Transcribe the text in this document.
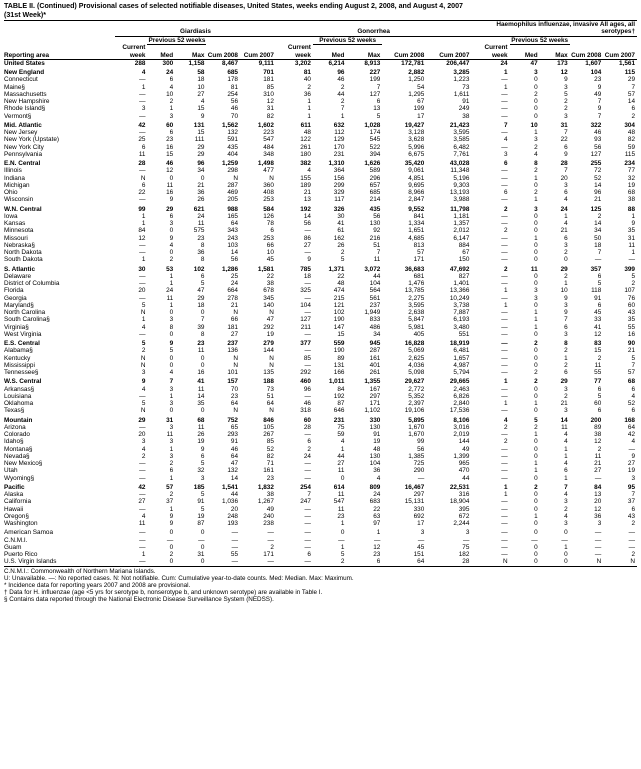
TABLE II. (Continued) Provisional cases of selected notifiable diseases, United States, weeks ending August 2, 2008, and August 4, 2007
(31st Week)*
	Giardiasis					Gonorrhea					Haemophilus influenzae, invasive All ages, all serotypes†				
		Previous 52 weeks					Previous 52 weeks					Previous 52 weeks			
Reporting area	Current week	Med	Max	Cum 2008	Cum 2007	Current week	Med	Max	Cum 2008	Cum 2007	Current week	Med	Max	Cum 2008	Cum 2007
United States	288	300	1,158	8,467	9,111	3,202	6,214	8,913	172,781	206,447	24	47	173	1,607	1,561
New England	4	24	58	685	701	81	96	227	2,882	3,285	1	3	12	104	115
Connecticut	—	6	18	178	181	40	46	199	1,250	1,223	—	0	9	23	29
Maine§	1	4	10	81	85	2	2	7	54	73	1	0	3	9	7
Massachusetts	—	10	27	254	310	36	44	127	1,295	1,611	—	2	5	49	57
New Hampshire	—	2	4	56	12	1	2	6	67	91	—	0	2	7	14
Rhode Island§	3	1	15	46	31	1	7	13	199	249	—	0	2	9	6
Vermont§	—	3	9	70	82	1	1	5	17	38	—	0	3	7	2
Mid. Atlantic	42	60	131	1,562	1,602	611	632	1,028	19,427	21,423	7	10	31	322	304
New Jersey	—	6	15	132	223	48	112	174	3,128	3,595	—	1	7	46	48
New York (Upstate)	25	23	111	591	547	122	129	545	3,628	3,585	4	3	22	93	82
New York City	6	16	29	435	484	261	170	522	5,996	6,482	—	2	6	56	59
Pennsylvania	11	15	29	404	348	180	231	394	6,675	7,761	3	4	9	127	115
E.N. Central	28	46	96	1,259	1,498	382	1,310	1,626	35,420	43,028	6	8	28	255	234
Illinois	—	12	34	298	477	4	364	589	9,061	11,348	—	2	7	72	77
Indiana	N	0	0	N	N	155	156	296	4,851	5,196	—	1	20	52	32
Michigan	6	11	21	287	360	189	299	657	9,695	9,303	—	0	3	14	19
Ohio	22	16	36	469	408	21	329	685	8,966	13,193	6	2	6	96	68
Wisconsin	—	9	26	205	253	13	117	214	2,847	3,988	—	1	4	21	38
W.N. Central	99	29	621	988	584	192	326	435	9,552	11,798	2	3	24	125	88
Iowa	1	6	24	165	126	14	30	56	841	1,181	—	0	1	2	1
Kansas	1	3	11	64	78	56	41	130	1,334	1,357	—	0	4	14	9
Minnesota	84	0	575	343	6	—	61	92	1,651	2,012	2	0	21	34	35
Missouri	12	9	23	243	253	86	162	216	4,685	6,147	—	1	6	50	31
Nebraska§	—	4	8	103	66	27	26	51	813	884	—	0	3	18	11
North Dakota	—	0	36	14	10	—	2	7	57	67	—	0	2	7	1
South Dakota	1	2	8	56	45	9	5	11	171	150	—	0	0	—	—
S. Atlantic	30	53	102	1,286	1,581	785	1,371	3,072	36,683	47,692	2	11	29	357	399
Delaware	—	1	6	25	22	18	22	44	681	827	—	0	2	6	5
District of Columbia	—	1	5	24	38	—	48	104	1,476	1,401	—	0	1	5	2
Florida	20	24	47	664	678	325	474	564	13,785	13,366	1	3	10	118	107
Georgia	—	11	29	278	345	—	215	561	2,275	10,249	—	3	9	91	76
Maryland§	5	1	18	21	140	104	121	237	3,595	3,738	1	0	3	6	60
North Carolina	N	0	0	N	N	—	102	1,949	2,638	7,887	—	1	9	45	43
South Carolina§	1	3	7	66	47	127	190	833	5,847	6,193	—	1	7	33	35
Virginia§	4	8	39	181	292	211	147	486	5,981	3,480	—	1	6	41	55
West Virginia	—	0	8	27	19	—	15	34	405	551	—	0	3	12	16
E.S. Central	5	9	23	237	279	377	559	945	16,828	18,919	—	2	8	83	90
Alabama§	2	5	11	136	144	—	190	287	5,069	6,481	—	0	2	15	21
Kentucky	N	0	0	N	N	85	89	161	2,625	1,657	—	0	1	2	5
Mississippi	N	0	0	N	N	—	131	401	4,036	4,987	—	0	2	11	7
Tennessee§	3	4	16	101	135	292	166	261	5,098	5,794	—	2	6	55	57
W.S. Central	9	7	41	157	188	460	1,011	1,355	29,627	29,665	1	2	29	77	68
Arkansas§	4	3	11	70	73	96	84	167	2,772	2,463	—	0	3	6	6
Louisiana	—	1	14	23	51	—	192	297	5,352	6,826	—	0	2	5	4
Oklahoma	5	3	35	64	64	46	87	171	2,397	2,840	1	1	21	60	52
Texas§	N	0	0	N	N	318	646	1,102	19,106	17,536	—	0	3	6	6
Mountain	29	31	68	752	846	60	231	330	5,895	8,106	4	5	14	200	168
Arizona	—	3	11	65	105	28	75	130	1,670	3,016	2	2	11	89	64
Colorado	20	11	26	293	267	—	59	91	1,670	2,019	—	1	4	38	42
Idaho§	3	3	19	91	85	6	4	19	99	144	2	0	4	12	4
Montana§	4	1	9	46	52	2	1	48	56	49	—	0	1	2	—
Nevada§	2	3	6	64	82	24	44	130	1,385	1,399	—	0	1	11	9
New Mexico§	—	2	5	47	71	—	27	104	725	965	—	1	4	21	27
Utah	—	6	32	132	161	—	11	36	290	470	—	1	6	27	19
Wyoming§	—	1	3	14	23	—	0	4	—	44	—	0	1	—	3
Pacific	42	57	185	1,541	1,832	254	614	809	16,467	22,531	1	2	7	84	95
Alaska	—	2	5	44	38	7	11	24	297	316	1	0	4	13	7
California	27	37	91	1,036	1,267	247	547	683	15,131	18,904	—	0	3	20	37
Hawaii	—	1	5	20	49	—	11	22	330	395	—	0	2	12	6
Oregon§	4	9	19	248	240	—	23	63	692	672	—	1	4	36	43
Washington	11	9	87	193	238	—	1	97	17	2,244	—	0	3	3	2
American Samoa	—	0	0	—	—	—	0	1	3	3	—	0	0	—	—
C.N.M.I.	—	—	—	—	—	—	—	—	—	—	—	—	—	—	—
Guam	—	0	0	—	2	—	1	12	45	75	—	0	1	—	—
Puerto Rico	1	2	31	55	171	6	5	23	151	182	—	0	0	—	2
U.S. Virgin Islands	—	0	0	—	—	—	2	6	64	28	N	0	0	N	N

C.N.M.I.: Commonwealth of Northern Mariana Islands.
U: Unavailable. —: No reported cases. N: Not notifiable. Cum: Cumulative year-to-date counts. Med: Median. Max: Maximum.
* Incidence data for reporting years 2007 and 2008 are provisional.
† Data for H. influenzae (age <5 yrs for serotype b, nonserotype b, and unknown serotype) are available in Table I.
§ Contains data reported through the National Electronic Disease Surveillance System (NEDSS).
